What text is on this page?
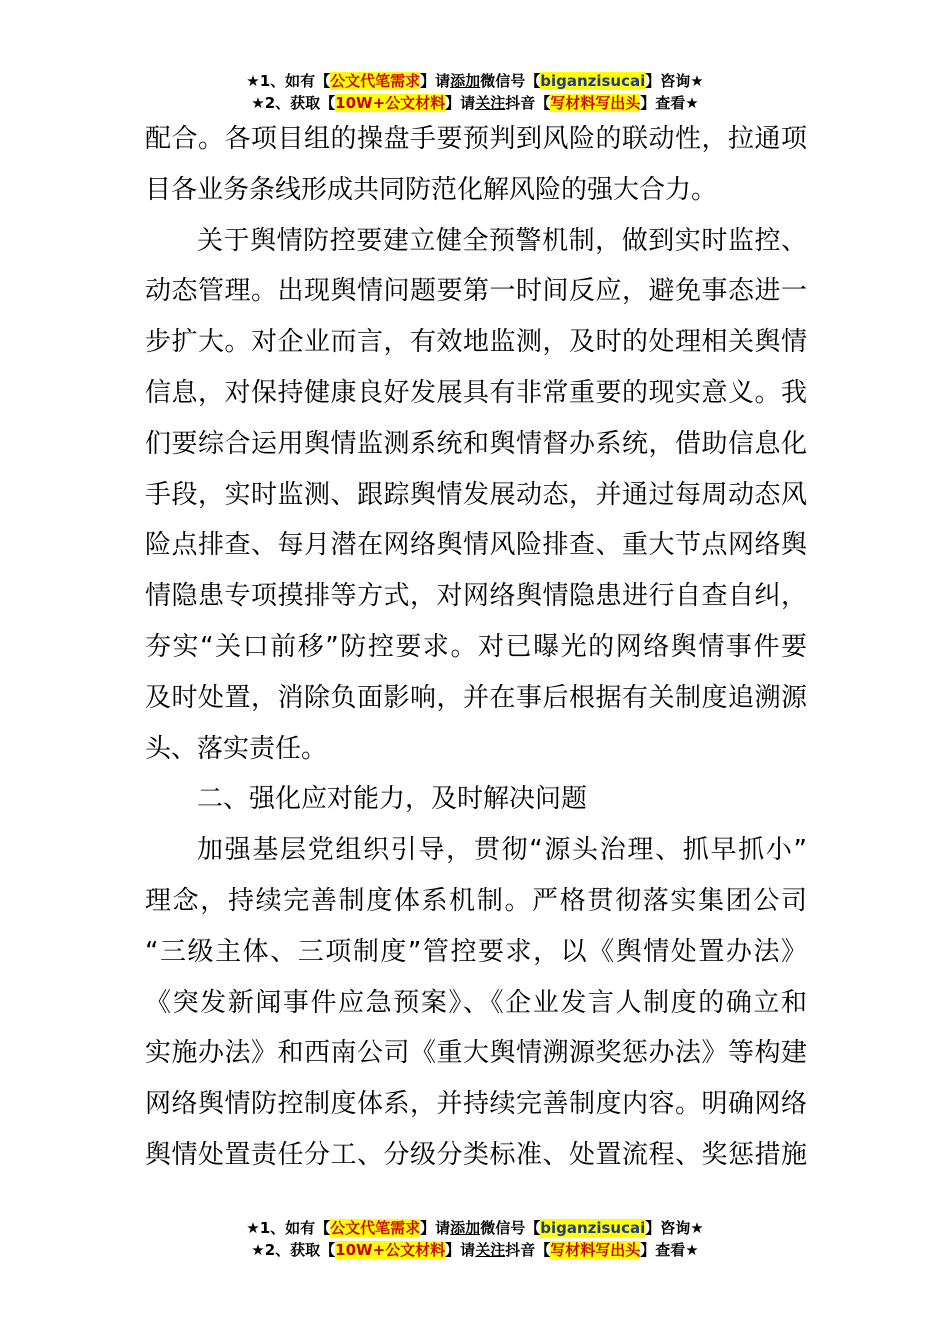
★1、如有【公文代笔需求】请添加微信号【biganzisucai】咨询★
★2、获取【10W+公文材料】请关注抖音【写材料写出头】查看★
配合。各项目组的操盘手要预判到风险的联动性，拉通项
目各业务条线形成共同防范化解风险的强大合力。
关于舆情防控要建立健全预警机制，做到实时监控、
动态管理。出现舆情问题要第一时间反应，避免事态进一
步扩大。对企业而言，有效地监测，及时的处理相关舆情
信息，对保持健康良好发展具有非常重要的现实意义。我
们要综合运用舆情监测系统和舆情督办系统，借助信息化
手段，实时监测、跟踪舆情发展动态，并通过每周动态风
险点排查、每月潜在网络舆情风险排查、重大节点网络舆
情隐患专项摸排等方式，对网络舆情隐患进行自查自纠，
夯实“关口前移”防控要求。对已曝光的网络舆情事件要
及时处置，消除负面影响，并在事后根据有关制度追溯源
头、落实责任。
二、强化应对能力，及时解决问题
加强基层党组织引导，贯彻“源头治理、抓早抓小”
理念，持续完善制度体系机制。严格贯彻落实集团公司
“三级主体、三项制度”管控要求，以《舆情处置办法》
《突发新闻事件应急预案》、《企业发言人制度的确立和
实施办法》和西南公司《重大舆情溯源奖惩办法》等构建
网络舆情防控制度体系，并持续完善制度内容。明确网络
舆情处置责任分工、分级分类标准、处置流程、奖惩措施
★1、如有【公文代笔需求】请添加微信号【biganzisucai】咨询★
★2、获取【10W+公文材料】请关注抖音【写材料写出头】查看★
